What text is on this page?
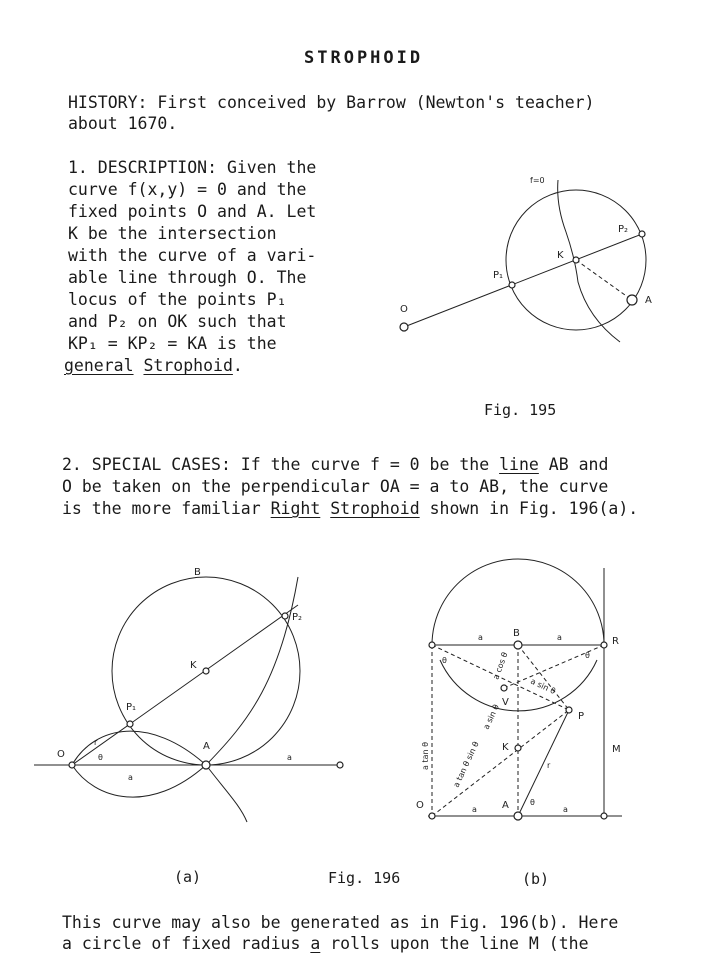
STROPHOID
HISTORY: First conceived by Barrow (Newton's teacher)
about 1670.
1. DESCRIPTION: Given the
curve f(x,y) = 0 and the
fixed points O and A. Let
K be the intersection
with the curve of a vari-
able line through O. The
locus of the points P₁
and P₂ on OK such that
KP₁ = KP₂ = KA is the
general Strophoid.
f=0
O
K
P₁
P₂
A
B
P₂
K
P₁
O
r
θ
A
a
a
B
R
a	a
θ
θ
a cos θ
a sin θ
V
P
K
r
M
a tan θ	a tan θ sin θ
a sin θ
O	A	θ
a	a
Fig. 195
2. SPECIAL CASES: If the curve f = 0 be the line AB and
O be taken on the perpendicular OA = a to AB, the curve
is the more familiar Right Strophoid shown in Fig. 196(a).
(a)	Fig. 196	(b)
This curve may also be generated as in Fig. 196(b). Here
a circle of fixed radius a rolls upon the line M (the
